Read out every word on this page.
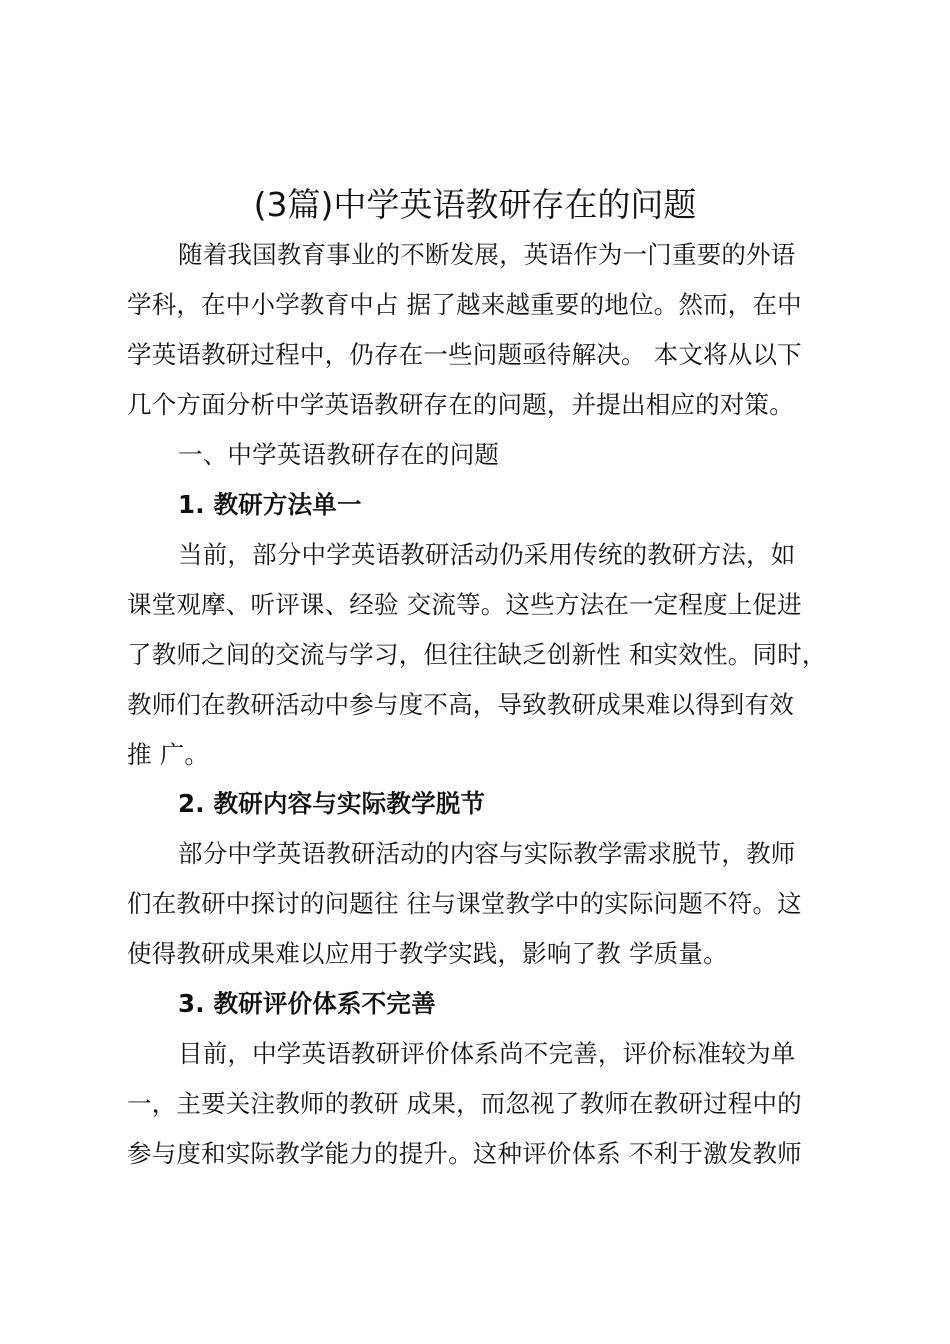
(3篇)中学英语教研存在的问题
随着我国教育事业的不断发展，英语作为一门重要的外语
学科，在中小学教育中占 据了越来越重要的地位。然而，在中
学英语教研过程中，仍存在一些问题亟待解决。 本文将从以下
几个方面分析中学英语教研存在的问题，并提出相应的对策。
一、中学英语教研存在的问题
1. 教研方法单一
当前，部分中学英语教研活动仍采用传统的教研方法，如
课堂观摩、听评课、经验 交流等。这些方法在一定程度上促进
了教师之间的交流与学习，但往往缺乏创新性 和实效性。同时，
教师们在教研活动中参与度不高，导致教研成果难以得到有效
推 广。
2. 教研内容与实际教学脱节
部分中学英语教研活动的内容与实际教学需求脱节，教师
们在教研中探讨的问题往 往与课堂教学中的实际问题不符。这
使得教研成果难以应用于教学实践，影响了教 学质量。
3. 教研评价体系不完善
目前，中学英语教研评价体系尚不完善，评价标准较为单
一，主要关注教师的教研 成果，而忽视了教师在教研过程中的
参与度和实际教学能力的提升。这种评价体系 不利于激发教师
